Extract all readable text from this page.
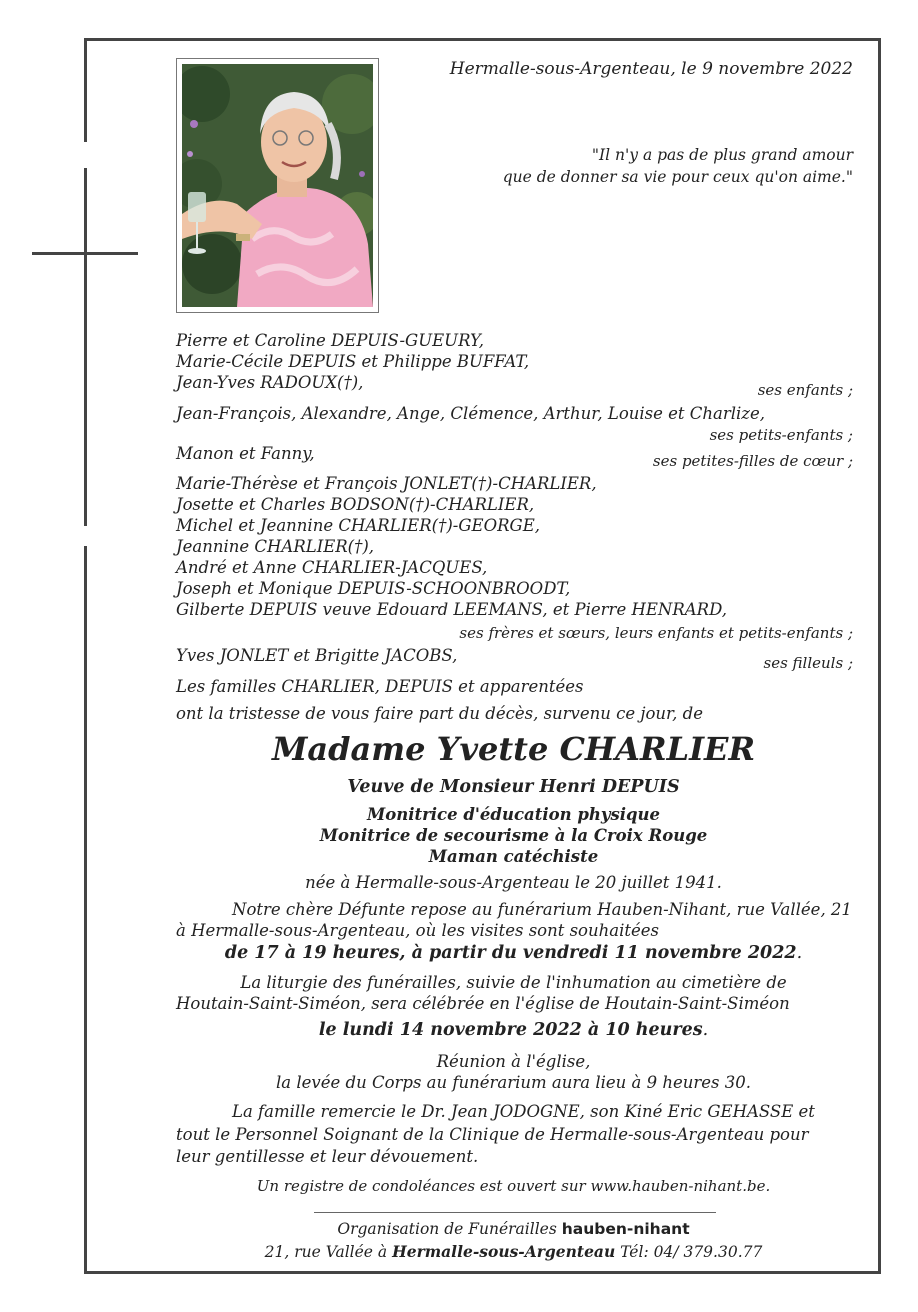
Hermalle-sous-Argenteau, le 9 novembre 2022
"Il n'y a pas de plus grand amour
que de donner sa vie pour ceux qu'on aime."
Pierre et Caroline DEPUIS-GUEURY,
Marie-Cécile DEPUIS et Philippe BUFFAT,
Jean-Yves RADOUX(†),	ses enfants ;
Jean-François, Alexandre, Ange, Clémence, Arthur, Louise et Charlize,
ses petits-enfants ;
Manon et Fanny,	ses petites-filles de cœur ;
Marie-Thérèse et François JONLET(†)-CHARLIER,
Josette et Charles BODSON(†)-CHARLIER,
Michel et Jeannine CHARLIER(†)-GEORGE,
Jeannine CHARLIER(†),
André et Anne CHARLIER-JACQUES,
Joseph et Monique DEPUIS-SCHOONBROODT,
Gilberte DEPUIS veuve Edouard LEEMANS, et Pierre HENRARD,
ses frères et sœurs, leurs enfants et petits-enfants ;
Yves JONLET et Brigitte JACOBS,	ses filleuls ;
Les familles CHARLIER, DEPUIS et apparentées
ont la tristesse de vous faire part du décès, survenu ce jour, de
Madame Yvette CHARLIER
Veuve de Monsieur Henri DEPUIS
Monitrice d'éducation physique
Monitrice de secourisme à la Croix Rouge
Maman catéchiste
née à Hermalle-sous-Argenteau le 20 juillet 1941.
Notre chère Défunte repose au funérarium Hauben-Nihant, rue Vallée, 21
à Hermalle-sous-Argenteau, où les visites sont souhaitées
de 17 à 19 heures, à partir du vendredi 11 novembre 2022.
La liturgie des funérailles, suivie de l'inhumation au cimetière de
Houtain-Saint-Siméon, sera célébrée en l'église de Houtain-Saint-Siméon
le lundi 14 novembre 2022 à 10 heures.
Réunion à l'église,
la levée du Corps au funérarium aura lieu à 9 heures 30.
La famille remercie le Dr. Jean JODOGNE, son Kiné Eric GEHASSE et
tout le Personnel Soignant de la Clinique de Hermalle-sous-Argenteau pour
leur gentillesse et leur dévouement.
Un registre de condoléances est ouvert sur www.hauben-nihant.be.
Organisation de Funérailles hauben-nihant
21, rue Vallée à Hermalle-sous-Argenteau Tél: 04/ 379.30.77
